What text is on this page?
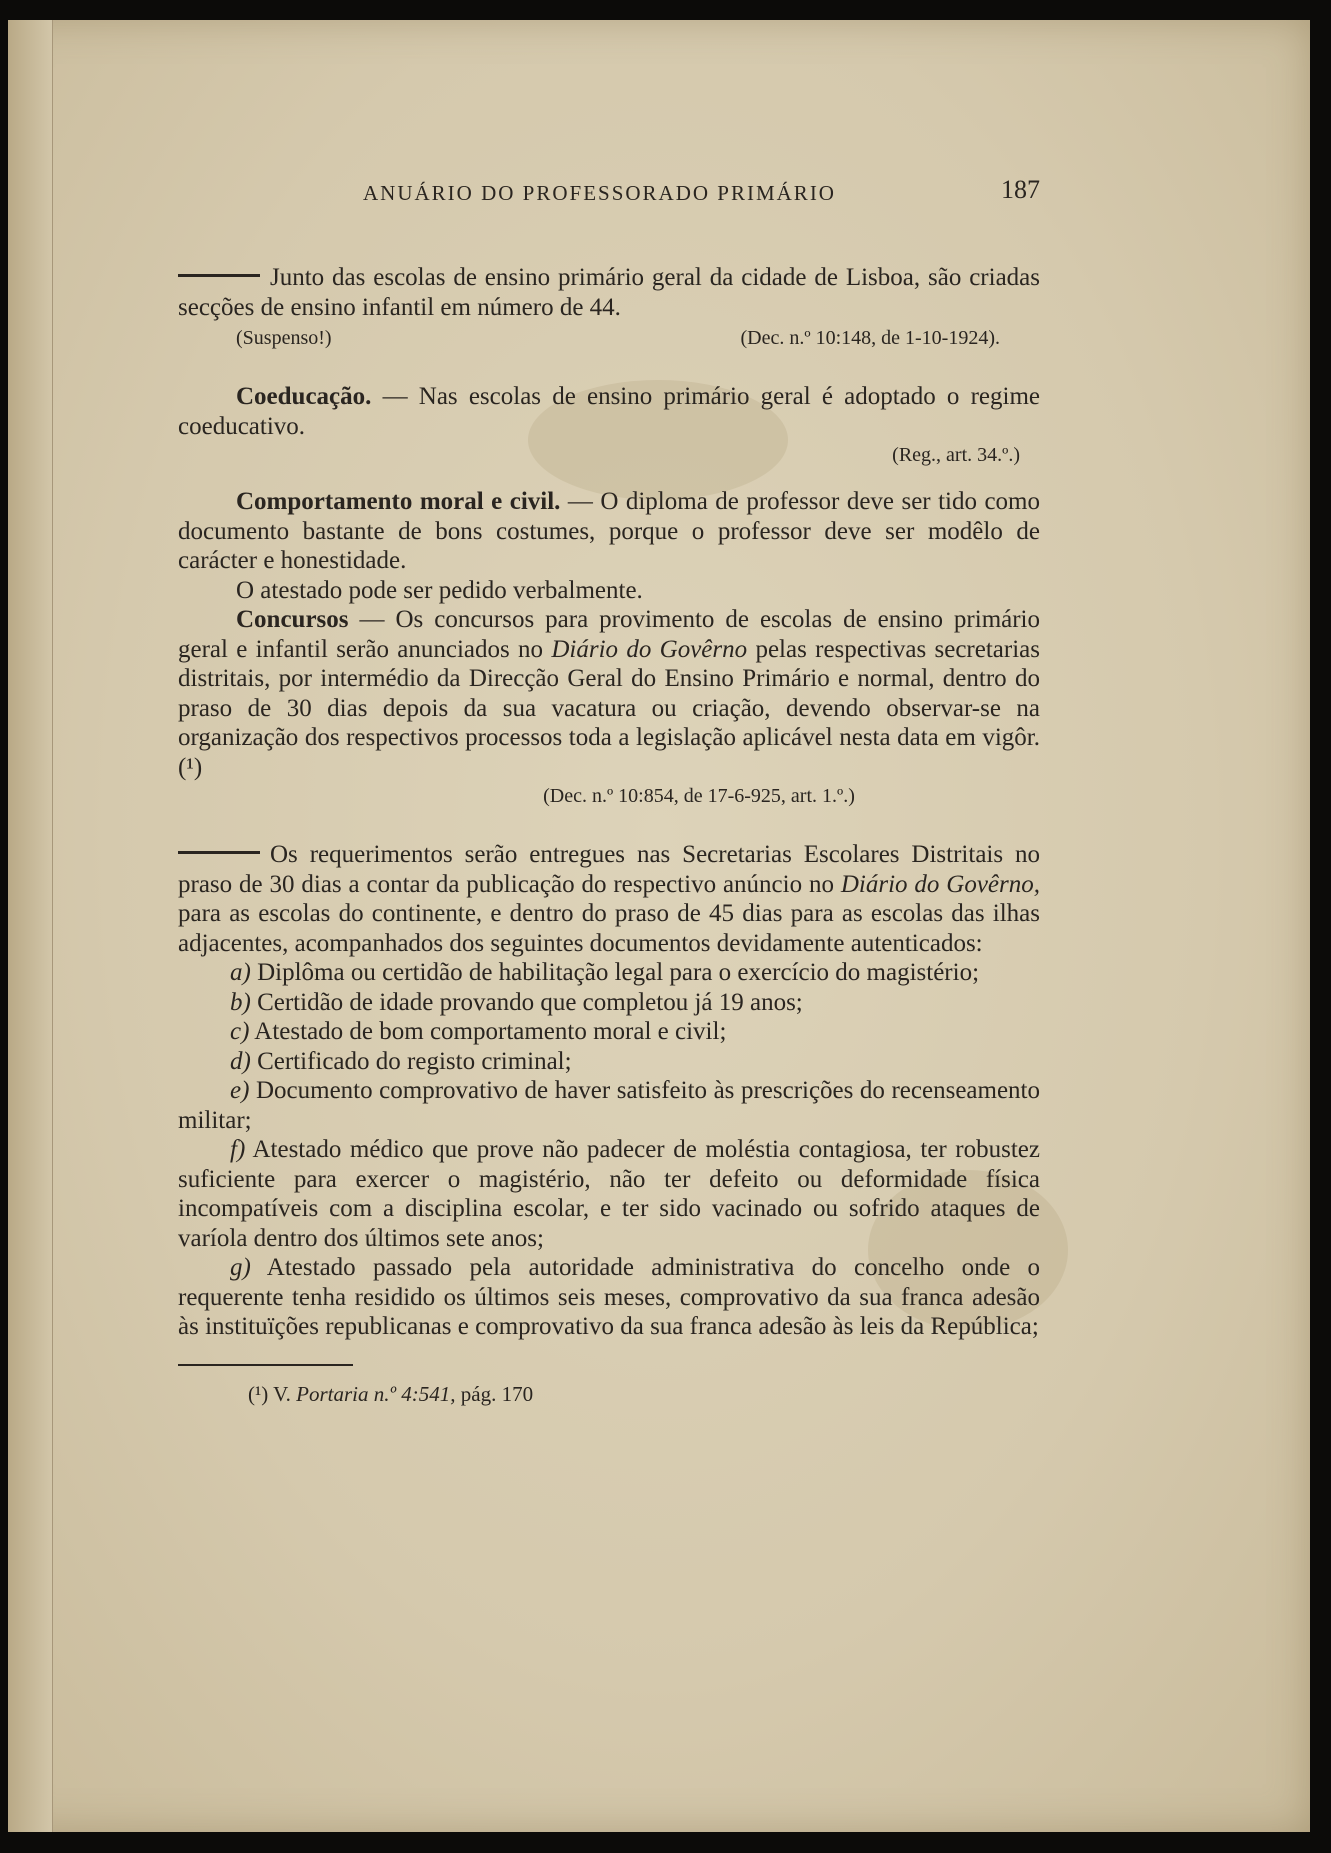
ANUÁRIO DO PROFESSORADO PRIMÁRIO	187

Junto das escolas de ensino primário geral da cidade de Lisboa, são criadas secções de ensino infantil em número de 44.

(Suspenso!)	(Dec. n.º 10:148, de 1-10-1924).

Coeducação. — Nas escolas de ensino primário geral é adoptado o regime coeducativo.

(Reg., art. 34.º.)

Comportamento moral e civil. — O diploma de professor deve ser tido como documento bastante de bons costumes, porque o professor deve ser modêlo de carácter e honestidade.

O atestado pode ser pedido verbalmente.

Concursos — Os concursos para provimento de escolas de ensino primário geral e infantil serão anunciados no Diário do Govêrno pelas respectivas secretarias distritais, por intermédio da Direcção Geral do Ensino Primário e normal, dentro do praso de 30 dias depois da sua vacatura ou criação, devendo observar-se na organização dos respectivos processos toda a legislação aplicável nesta data em vigôr. (¹)

(Dec. n.º 10:854, de 17-6-925, art. 1.º.)

Os requerimentos serão entregues nas Secretarias Escolares Distritais no praso de 30 dias a contar da publicação do respectivo anúncio no Diário do Govêrno, para as escolas do continente, e dentro do praso de 45 dias para as escolas das ilhas adjacentes, acompanhados dos seguintes documentos devidamente autenticados:

a) Diplôma ou certidão de habilitação legal para o exercício do magistério;

b) Certidão de idade provando que completou já 19 anos;

c) Atestado de bom comportamento moral e civil;

d) Certificado do registo criminal;

e) Documento comprovativo de haver satisfeito às prescrições do recenseamento militar;

f) Atestado médico que prove não padecer de moléstia contagiosa, ter robustez suficiente para exercer o magistério, não ter defeito ou deformidade física incompatíveis com a disciplina escolar, e ter sido vacinado ou sofrido ataques de varíola dentro dos últimos sete anos;

g) Atestado passado pela autoridade administrativa do concelho onde o requerente tenha residido os últimos seis meses, comprovativo da sua franca adesão às instituïções republicanas e comprovativo da sua franca adesão às leis da República;

(¹) V. Portaria n.º 4:541, pág. 170
